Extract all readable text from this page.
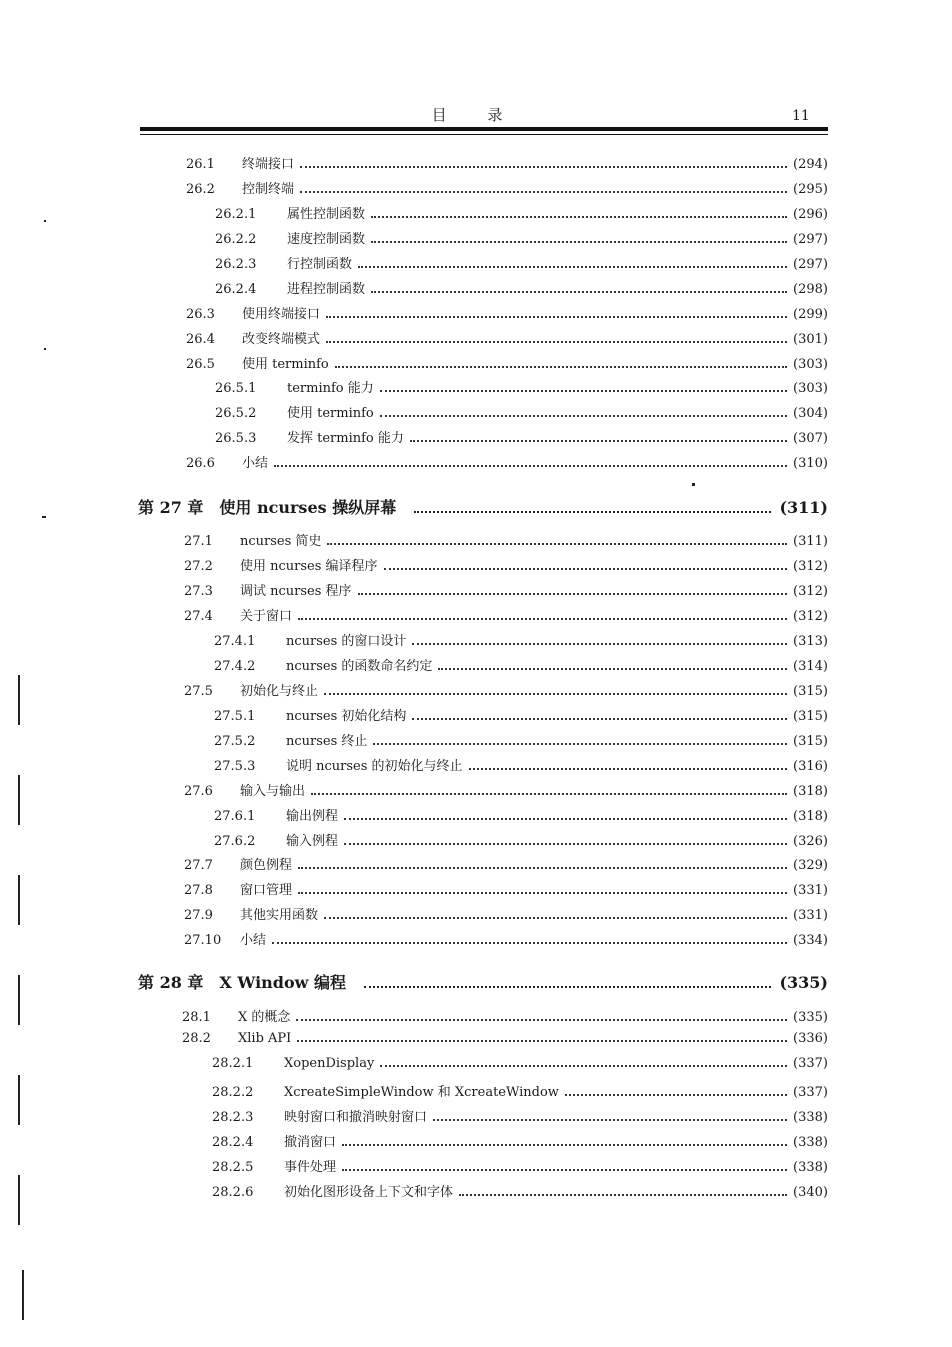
目 录	11
26.1	终端接口	(294)
26.2	控制终端	(295)
26.2.1	属性控制函数	(296)
26.2.2	速度控制函数	(297)
26.2.3	行控制函数	(297)
26.2.4	进程控制函数	(298)
26.3	使用终端接口	(299)
26.4	改变终端模式	(301)
26.5	使用 terminfo	(303)
26.5.1	terminfo 能力	(303)
26.5.2	使用 terminfo	(304)
26.5.3	发挥 terminfo 能力	(307)
26.6	小结	(310)
第 27 章 使用 ncurses 操纵屏幕	(311)
27.1	ncurses 简史	(311)
27.2	使用 ncurses 编译程序	(312)
27.3	调试 ncurses 程序	(312)
27.4	关于窗口	(312)
27.4.1	ncurses 的窗口设计	(313)
27.4.2	ncurses 的函数命名约定	(314)
27.5	初始化与终止	(315)
27.5.1	ncurses 初始化结构	(315)
27.5.2	ncurses 终止	(315)
27.5.3	说明 ncurses 的初始化与终止	(316)
27.6	输入与输出	(318)
27.6.1	输出例程	(318)
27.6.2	输入例程	(326)
27.7	颜色例程	(329)
27.8	窗口管理	(331)
27.9	其他实用函数	(331)
27.10	小结	(334)
第 28 章 X Window 编程	(335)
28.1	X 的概念	(335)
28.2	Xlib API	(336)
28.2.1	XopenDisplay	(337)
28.2.2	XcreateSimpleWindow 和 XcreateWindow	(337)
28.2.3	映射窗口和撤消映射窗口	(338)
28.2.4	撤消窗口	(338)
28.2.5	事件处理	(338)
28.2.6	初始化图形设备上下文和字体	(340)
